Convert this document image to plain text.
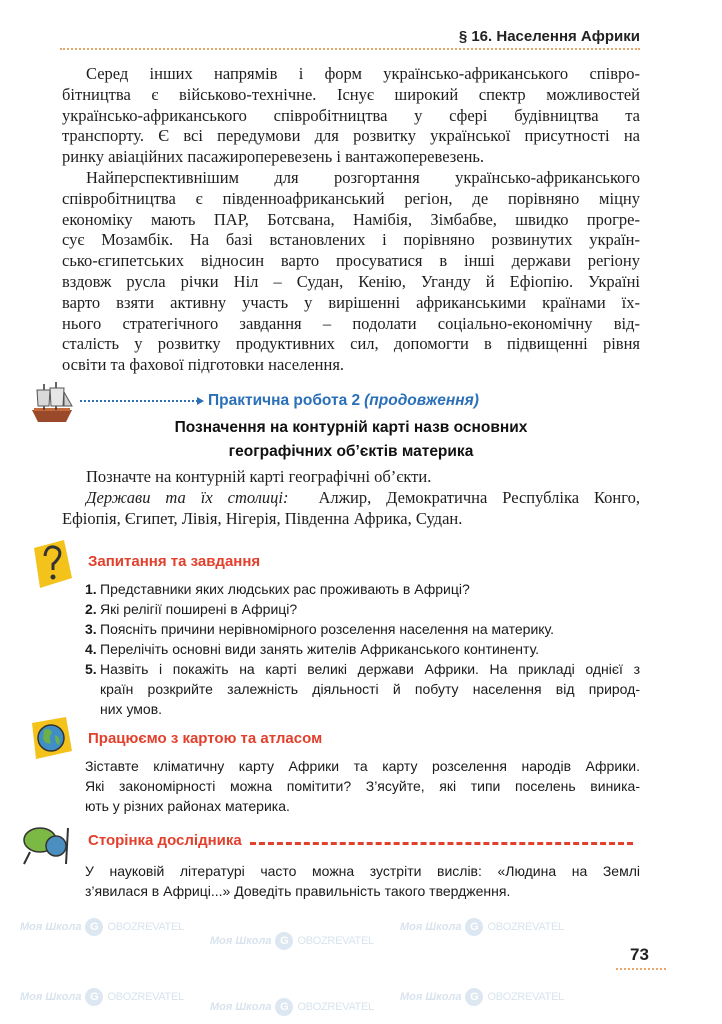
Моя Школа G OBOZREVATEL
Моя Школа G OBOZREVATEL
Моя Школа G OBOZREVATEL
Моя Школа G OBOZREVATEL
Моя Школа G OBOZREVATEL
Моя Школа G OBOZREVATEL
§ 16. Населення Африки
Серед інших напрямів і форм українсько-африканського співро-
бітництва є військово-технічне. Існує широкий спектр можливостей
українсько-африканського співробітництва у сфері будівництва та
транспорту. Є всі передумови для розвитку української присутності на
ринку авіаційних пасажироперевезень і вантажоперевезень.
Найперспективнішим для розгортання українсько-африканського
співробітництва є південноафриканський регіон, де порівняно міцну
економіку мають ПАР, Ботсвана, Намібія, Зімбабве, швидко прогре-
сує Мозамбік. На базі встановлених і порівняно розвинутих україн-
сько-єгипетських відносин варто просуватися в інші держави регіону
вздовж русла річки Ніл – Судан, Кенію, Уганду й Ефіопію. Україні
варто взяти активну участь у вирішенні африканськими країнами їх-
нього стратегічного завдання – подолати соціально-економічну від-
сталість у розвитку продуктивних сил, допомогти в підвищенні рівня
освіти та фахової підготовки населення.
Практична робота 2 (продовження)
Позначення на контурній карті назв основних
географічних об’єктів материка
Позначте на контурній карті географічні об’єкти.
Держави та їх столиці: Алжир, Демократична Республіка Конго,
Ефіопія, Єгипет, Лівія, Нігерія, Південна Африка, Судан.
Запитання та завдання
1. Представники яких людських рас проживають в Африці?
2. Які релігії поширені в Африці?
3. Поясніть причини нерівномірного розселення населення на материку.
4. Перелічіть основні види занять жителів Африканського континенту.
5. Назвіть і покажіть на карті великі держави Африки. На прикладі однієї з
країн розкрийте залежність діяльності й побуту населення від природ-
них умов.
Працюємо з картою та атласом
Зіставте кліматичну карту Африки та карту розселення народів Африки.
Які закономірності можна помітити? З’ясуйте, які типи поселень виника-
ють у різних районах материка.
Сторінка дослідника
У науковій літературі часто можна зустріти вислів: «Людина на Землі
з’явилася в Африці...» Доведіть правильність такого твердження.
73
